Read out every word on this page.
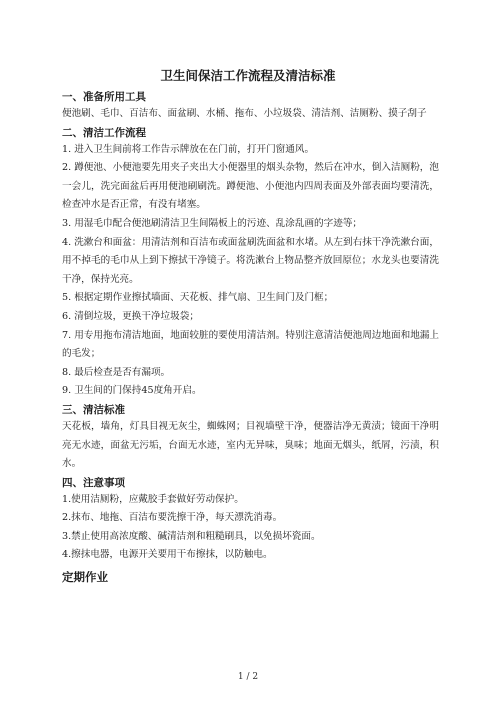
卫生间保洁工作流程及清洁标准
一、准备所用工具

便池刷、毛巾、百洁布、面盆刷、水桶、拖布、小垃圾袋、清洁剂、洁厕粉、摸子刮子

二、清洁工作流程

1. 进入卫生间前将工作告示牌放在在门前，打开门窗通风。

2. 蹲便池、小便池要先用夹子夹出大小便器里的烟头杂物，然后在冲水，倒入洁厕粉，泡一会儿，洗完面盆后再用便池刷刷洗。蹲便池、小便池内四周表面及外部表面均要清洗，检查冲水是否正常，有没有堵塞。

3. 用湿毛巾配合便池刷清洁卫生间隔板上的污迹、乱涂乱画的字迹等；

4. 洗漱台和面盆：用清洁剂和百洁布或面盆刷洗面盆和水堵。从左到右抹干净洗漱台面，用不掉毛的毛巾从上到下擦拭干净镜子。将洗漱台上物品整齐放回原位；水龙头也要清洗干净，保持光亮。

5. 根据定期作业擦拭墙面、天花板、排气扇、卫生间门及门框；

6. 清倒垃圾，更换干净垃圾袋；

7. 用专用拖布清洁地面，地面较脏的要使用清洁剂。特别注意清洁便池周边地面和地漏上的毛发；

8. 最后检查是否有漏项。

9. 卫生间的门保持45度角开启。

三、清洁标准

天花板，墙角，灯具目视无灰尘，蜘蛛网；目视墙壁干净，便器洁净无黄渍；镜面干净明亮无水迹，面盆无污垢，台面无水迹，室内无异味，臭味；地面无烟头，纸屑，污渍，积水。

四、注意事项

1.使用洁厕粉，应戴胶手套做好劳动保护。

2.抹布、地拖、百洁布要洗擦干净，每天漂洗消毒。

3.禁止使用高浓度酸、碱清洁剂和粗糙刷具，以免损坏瓷面。

4.擦抹电器，电源开关要用干布擦抹，以防触电。

定期作业
1 / 2
